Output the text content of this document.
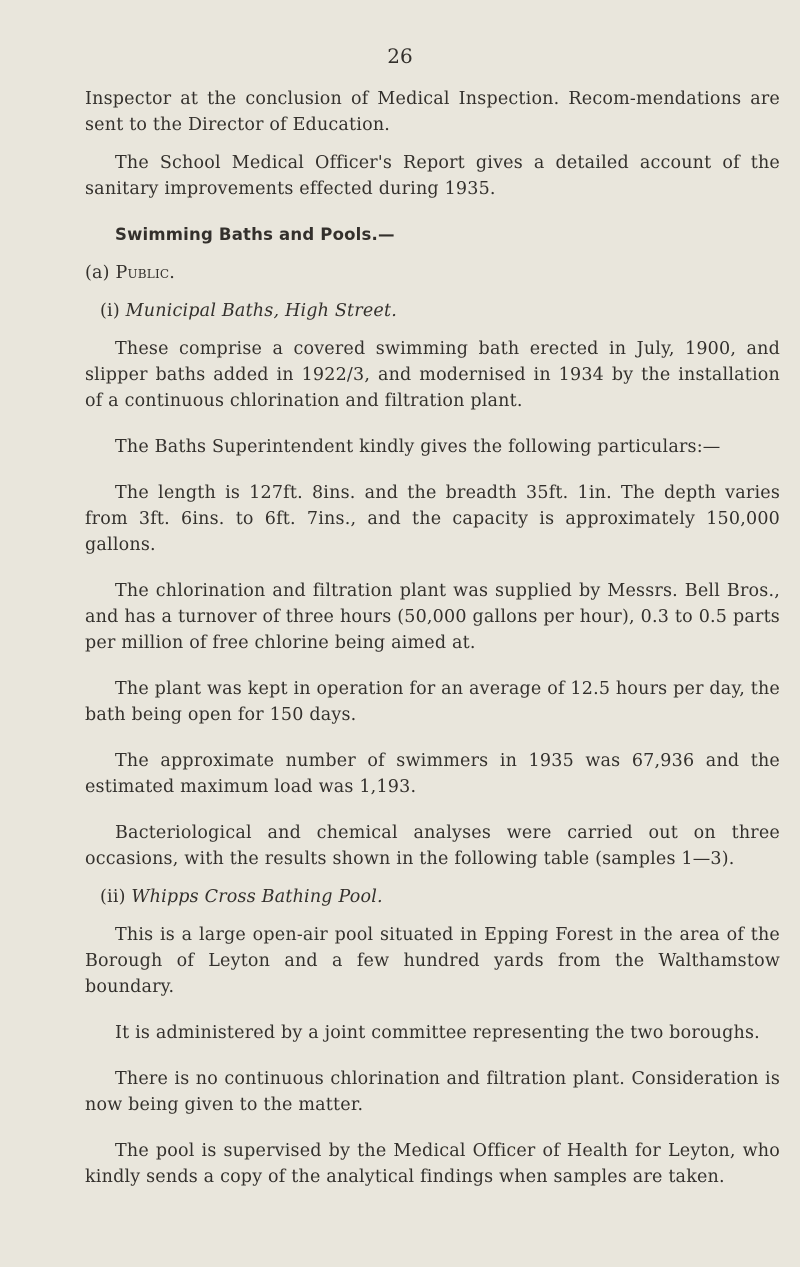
26

Inspector at the conclusion of Medical Inspection. Recom-mendations are sent to the Director of Education.

The School Medical Officer's Report gives a detailed account of the sanitary improvements effected during 1935.

Swimming Baths and Pools.—
(a) Public.
(i) Municipal Baths, High Street.

These comprise a covered swimming bath erected in July, 1900, and slipper baths added in 1922/3, and modernised in 1934 by the installation of a continuous chlorination and filtration plant.

The Baths Superintendent kindly gives the following particulars:—

The length is 127ft. 8ins. and the breadth 35ft. 1in. The depth varies from 3ft. 6ins. to 6ft. 7ins., and the capacity is approximately 150,000 gallons.

The chlorination and filtration plant was supplied by Messrs. Bell Bros., and has a turnover of three hours (50,000 gallons per hour), 0.3 to 0.5 parts per million of free chlorine being aimed at.

The plant was kept in operation for an average of 12.5 hours per day, the bath being open for 150 days.

The approximate number of swimmers in 1935 was 67,936 and the estimated maximum load was 1,193.

Bacteriological and chemical analyses were carried out on three occasions, with the results shown in the following table (samples 1—3).

(ii) Whipps Cross Bathing Pool.

This is a large open-air pool situated in Epping Forest in the area of the Borough of Leyton and a few hundred yards from the Walthamstow boundary.

It is administered by a joint committee representing the two boroughs.

There is no continuous chlorination and filtration plant. Consideration is now being given to the matter.

The pool is supervised by the Medical Officer of Health for Leyton, who kindly sends a copy of the analytical findings when samples are taken.
